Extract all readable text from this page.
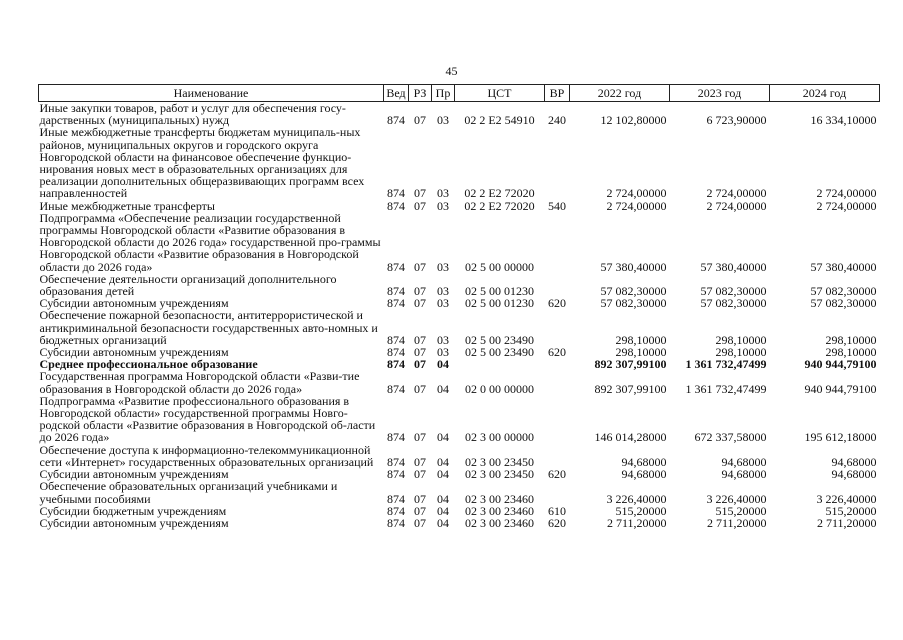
45
Наименование	Вед	РЗ	Пр	ЦСТ	ВР	2022 год	2023 год	2024 год
Иные закупки товаров, работ и услуг для обеспечения госу-дарственных (муниципальных) нужд	874	07	03	02 2 Е2 54910	240	12 102,80000	6 723,90000	16 334,10000
Иные межбюджетные трансферты бюджетам муниципаль-ных районов, муниципальных округов и городского округа Новгородской области на финансовое обеспечение функцио-нирования новых мест в образовательных организациях для реализации дополнительных общеразвивающих программ всех направленностей	874	07	03	02 2 Е2 72020		2 724,00000	2 724,00000	2 724,00000
Иные межбюджетные трансферты	874	07	03	02 2 Е2 72020	540	2 724,00000	2 724,00000	2 724,00000
Подпрограмма «Обеспечение реализации государственной программы Новгородской области «Развитие образования в Новгородской области до 2026 года» государственной про-граммы Новгородской области «Развитие образования в Новгородской области до 2026 года»	874	07	03	02 5 00 00000		57 380,40000	57 380,40000	57 380,40000
Обеспечение деятельности организаций дополнительного образования детей	874	07	03	02 5 00 01230		57 082,30000	57 082,30000	57 082,30000
Субсидии автономным учреждениям	874	07	03	02 5 00 01230	620	57 082,30000	57 082,30000	57 082,30000
Обеспечение пожарной безопасности, антитеррористической и антикриминальной безопасности государственных авто-номных и бюджетных организаций	874	07	03	02 5 00 23490		298,10000	298,10000	298,10000
Субсидии автономным учреждениям	874	07	03	02 5 00 23490	620	298,10000	298,10000	298,10000
Среднее профессиональное образование	874	07	04			892 307,99100	1 361 732,47499	940 944,79100
Государственная программа Новгородской области «Разви-тие образования в Новгородской области до 2026 года»	874	07	04	02 0 00 00000		892 307,99100	1 361 732,47499	940 944,79100
Подпрограмма «Развитие профессионального образования в Новгородской области» государственной программы Новго-родской области «Развитие образования в Новгородской об-ласти до 2026 года»	874	07	04	02 3 00 00000		146 014,28000	672 337,58000	195 612,18000
Обеспечение доступа к информационно-телекоммуникационной сети «Интернет» государственных образовательных организаций	874	07	04	02 3 00 23450		94,68000	94,68000	94,68000
Субсидии автономным учреждениям	874	07	04	02 3 00 23450	620	94,68000	94,68000	94,68000
Обеспечение образовательных организаций учебниками и учебными пособиями	874	07	04	02 3 00 23460		3 226,40000	3 226,40000	3 226,40000
Субсидии бюджетным учреждениям	874	07	04	02 3 00 23460	610	515,20000	515,20000	515,20000
Субсидии автономным учреждениям	874	07	04	02 3 00 23460	620	2 711,20000	2 711,20000	2 711,20000
